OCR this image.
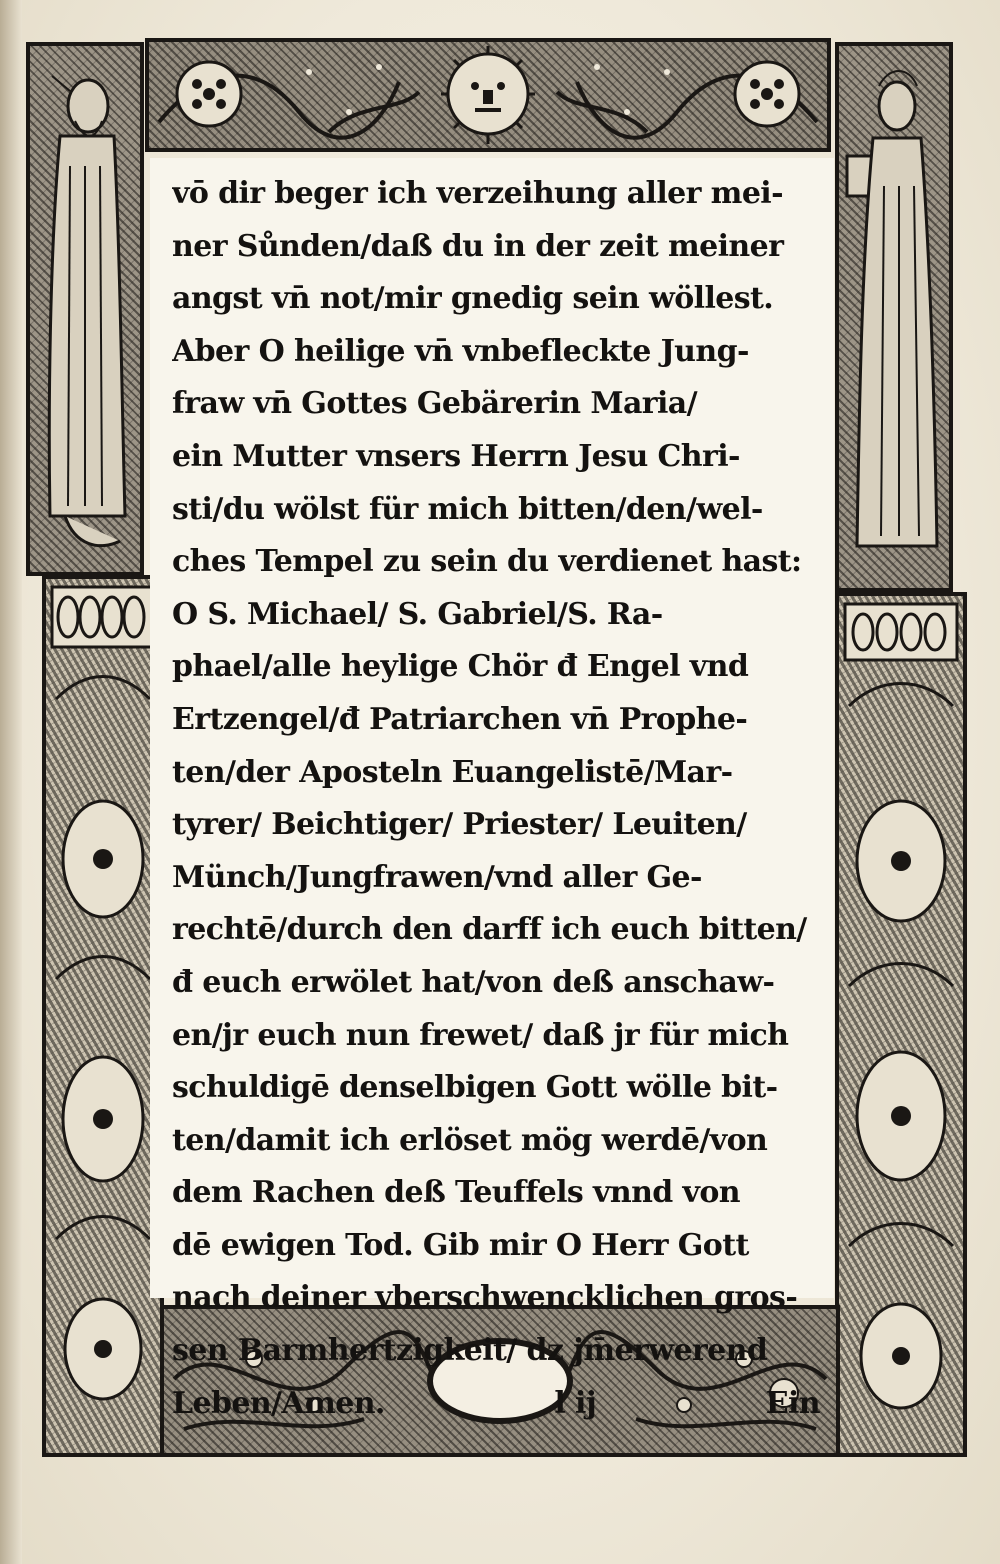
vō dir beger ich verzeihung aller mei-
ner Sůnden/daß du in der zeit meiner
angst vn̄ not/mir gnedig sein wöllest.
Aber O heilige vn̄ vnbefleckte Jung-
fraw vn̄ Gottes Gebärerin Maria/
ein Mutter vnsers Herrn Jesu Chri-
sti/du wölst für mich bitten/den/wel-
ches Tempel zu sein du verdienet hast:
O S. Michael/ S. Gabriel/S. Ra-
phael/alle heylige Chör đ Engel vnd
Ertzengel/đ Patriarchen vn̄ Prophe-
ten/der Aposteln Euangelistē/Mar-
tyrer/ Beichtiger/ Priester/ Leuiten/
Münch/Jungfrawen/vnd aller Ge-
rechtē/durch den darff ich euch bitten/
đ euch erwölet hat/von deß anschaw-
en/jr euch nun frewet/ daß jr für mich
schuldigē denselbigen Gott wölle bit-
ten/damit ich erlöset mög werdē/von
dem Rachen deß Teuffels vnnd von
dē ewigen Tod. Gib mir O Herr Gott
nach deiner vberschwencklichen gros-
sen Barmhertzigkeit/ dz jm̄erwerend
Leben/Amen.	l ij	Ein
